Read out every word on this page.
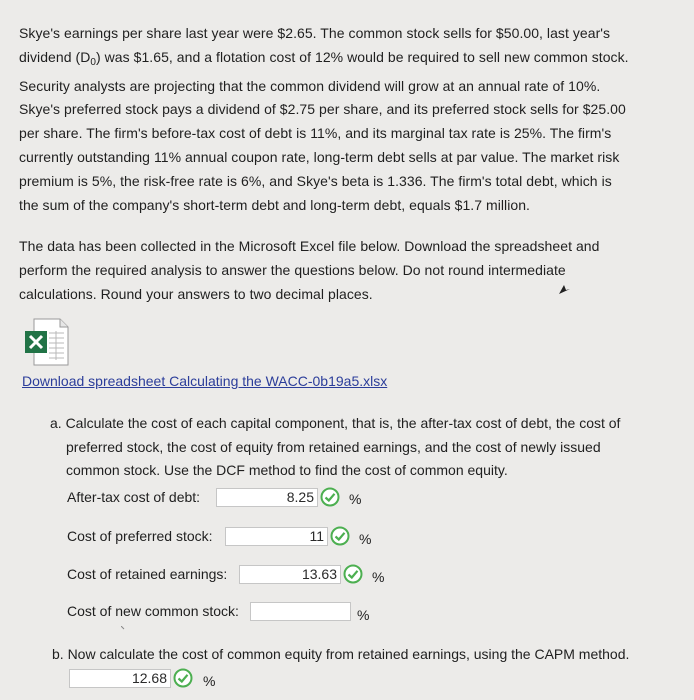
Skye's earnings per share last year were $2.65. The common stock sells for $50.00, last year's
dividend $(D_0)$ was $1.65, and a flotation cost of 12% would be required to sell new common stock.
Security analysts are projecting that the common dividend will grow at an annual rate of 10%.
Skye's preferred stock pays a dividend of $2.75 per share, and its preferred stock sells for $25.00
per share. The firm's before-tax cost of debt is 11%, and its marginal tax rate is 25%. The firm's
currently outstanding 11% annual coupon rate, long-term debt sells at par value. The market risk
premium is 5%, the risk-free rate is 6%, and Skye's beta is 1.336. The firm's total debt, which is
the sum of the company's short-term debt and long-term debt, equals $1.7 million.
The data has been collected in the Microsoft Excel file below. Download the spreadsheet and
perform the required analysis to answer the questions below. Do not round intermediate
calculations. Round your answers to two decimal places.
Download spreadsheet Calculating the WACC-0b19a5.xlsx
a. Calculate the cost of each capital component, that is, the after-tax cost of debt, the cost of
preferred stock, the cost of equity from retained earnings, and the cost of newly issued
common stock. Use the DCF method to find the cost of common equity.
After-tax cost of debt:	8.25	%
Cost of preferred stock:	11	%
Cost of retained earnings:	13.63	%
Cost of new common stock:	%
b. Now calculate the cost of common equity from retained earnings, using the CAPM method.
12.68	%
